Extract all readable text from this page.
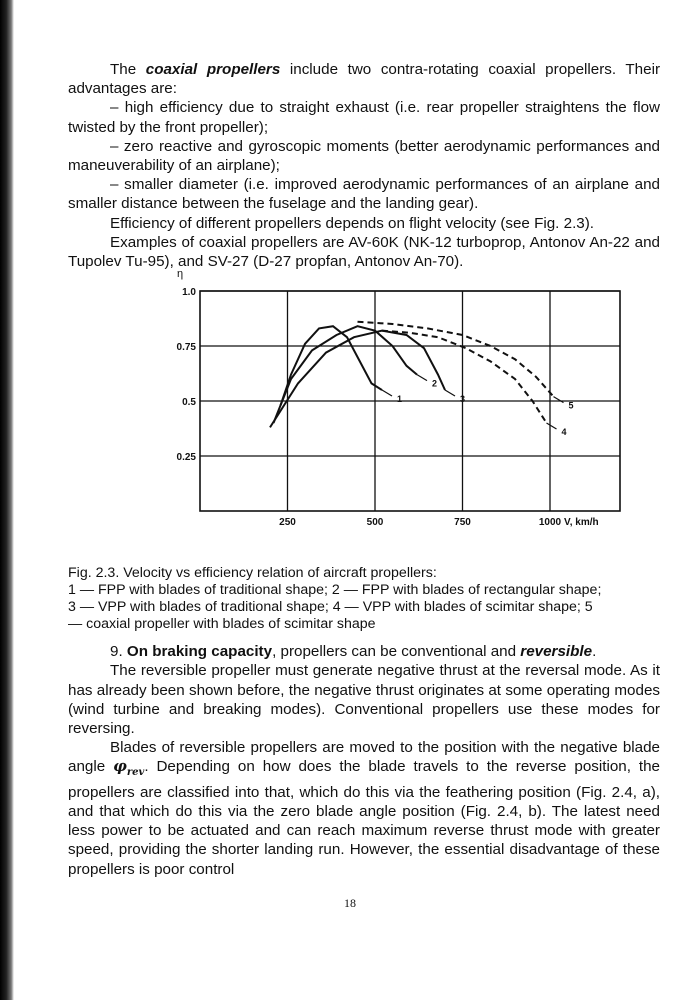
The coaxial propellers include two contra-rotating coaxial propellers. Their advantages are:

– high efficiency due to straight exhaust (i.e. rear propeller straightens the flow twisted by the front propeller);

– zero reactive and gyroscopic moments (better aerodynamic performances and maneuverability of an airplane);

– smaller diameter (i.e. improved aerodynamic performances of an airplane and smaller distance between the fuselage and the landing gear).

Efficiency of different propellers depends on flight velocity (see Fig. 2.3).

Examples of coaxial propellers are AV-60K (NK-12 turboprop, Antonov An-22 and Tupolev Tu-95), and SV-27 (D-27 propfan, Antonov An-70).

250	500	750	1000
0.25
0.5
0.75
1.0
η
V, km/h
1
2
3
4
5

Fig. 2.3. Velocity vs efficiency relation of aircraft propellers:

1 — FPP with blades of traditional shape; 2 — FPP with blades of rectangular shape;

3 — VPP with blades of traditional shape; 4 — VPP with blades of scimitar shape; 5

— coaxial propeller with blades of scimitar shape

9. On braking capacity, propellers can be conventional and reversible.

The reversible propeller must generate negative thrust at the reversal mode. As it has already been shown before, the negative thrust originates at some operating modes (wind turbine and breaking modes). Conventional propellers use these modes for reversing.

Blades of reversible propellers are moved to the position with the negative blade angle $\varphi_{rev}$. Depending on how does the blade travels to the reverse position, the propellers are classified into that, which do this via the feathering position (Fig. 2.4, a), and that which do this via the zero blade angle position (Fig. 2.4, b). The latest need less power to be actuated and can reach maximum reverse thrust mode with greater speed, providing the shorter landing run. However, the essential disadvantage of these propellers is poor control

18
